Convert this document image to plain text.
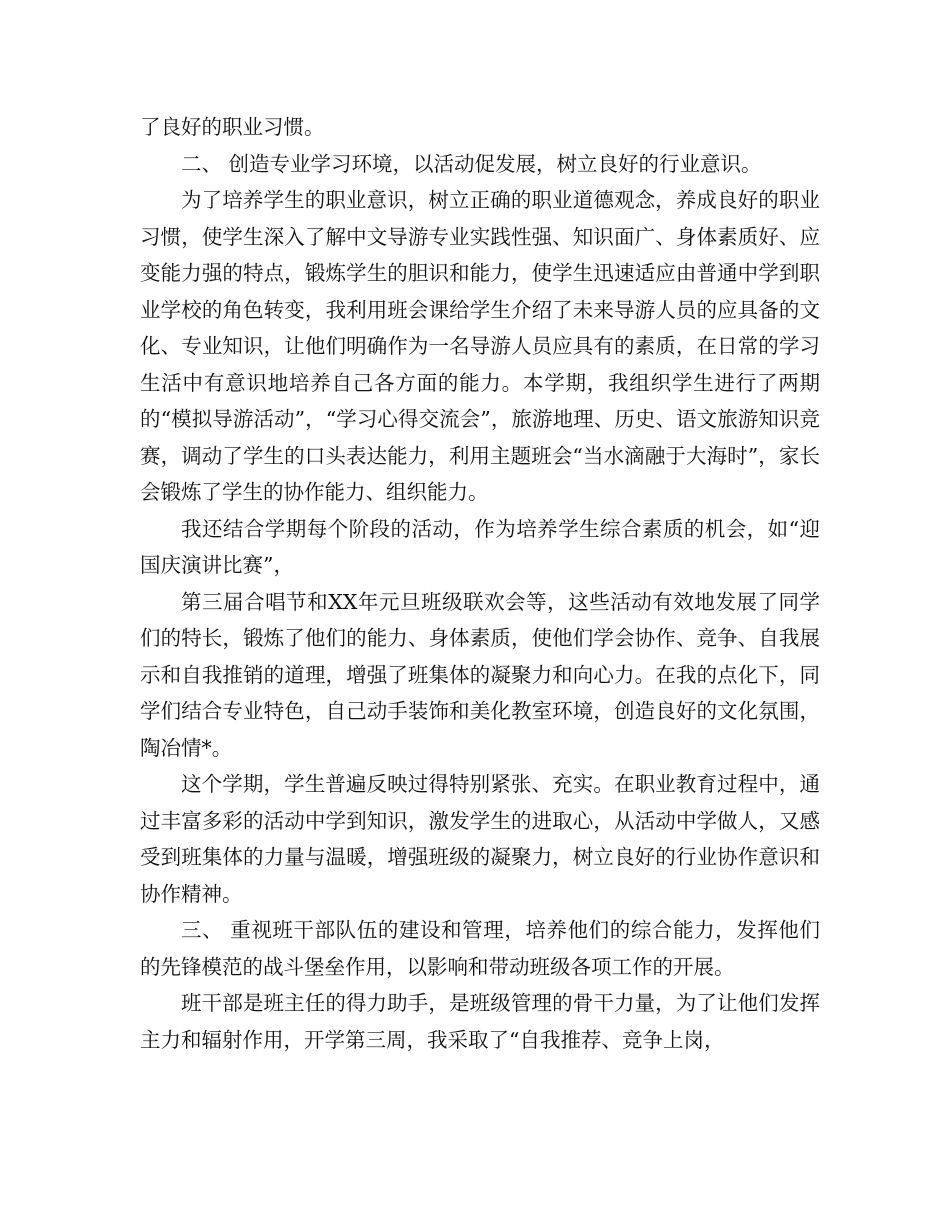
了良好的职业习惯。

二、 创造专业学习环境，以活动促发展，树立良好的行业意识。

为了培养学生的职业意识，树立正确的职业道德观念，养成良好的职业习惯，使学生深入了解中文导游专业实践性强、知识面广、身体素质好、应变能力强的特点，锻炼学生的胆识和能力，使学生迅速适应由普通中学到职业学校的角色转变，我利用班会课给学生介绍了未来导游人员的应具备的文化、专业知识，让他们明确作为一名导游人员应具有的素质，在日常的学习生活中有意识地培养自己各方面的能力。本学期，我组织学生进行了两期的“模拟导游活动”，“学习心得交流会”，旅游地理、历史、语文旅游知识竞赛，调动了学生的口头表达能力，利用主题班会“当水滴融于大海时”，家长会锻炼了学生的协作能力、组织能力。

我还结合学期每个阶段的活动，作为培养学生综合素质的机会，如“迎国庆演讲比赛”，

第三届合唱节和XX年元旦班级联欢会等，这些活动有效地发展了同学们的特长，锻炼了他们的能力、身体素质，使他们学会协作、竞争、自我展示和自我推销的道理，增强了班集体的凝聚力和向心力。在我的点化下，同学们结合专业特色，自己动手装饰和美化教室环境，创造良好的文化氛围，陶冶情*。

这个学期，学生普遍反映过得特别紧张、充实。在职业教育过程中，通过丰富多彩的活动中学到知识，激发学生的进取心，从活动中学做人，又感受到班集体的力量与温暖，增强班级的凝聚力，树立良好的行业协作意识和协作精神。

三、 重视班干部队伍的建设和管理，培养他们的综合能力，发挥他们的先锋模范的战斗堡垒作用，以影响和带动班级各项工作的开展。

班干部是班主任的得力助手，是班级管理的骨干力量，为了让他们发挥主力和辐射作用，开学第三周，我采取了“自我推荐、竞争上岗，
